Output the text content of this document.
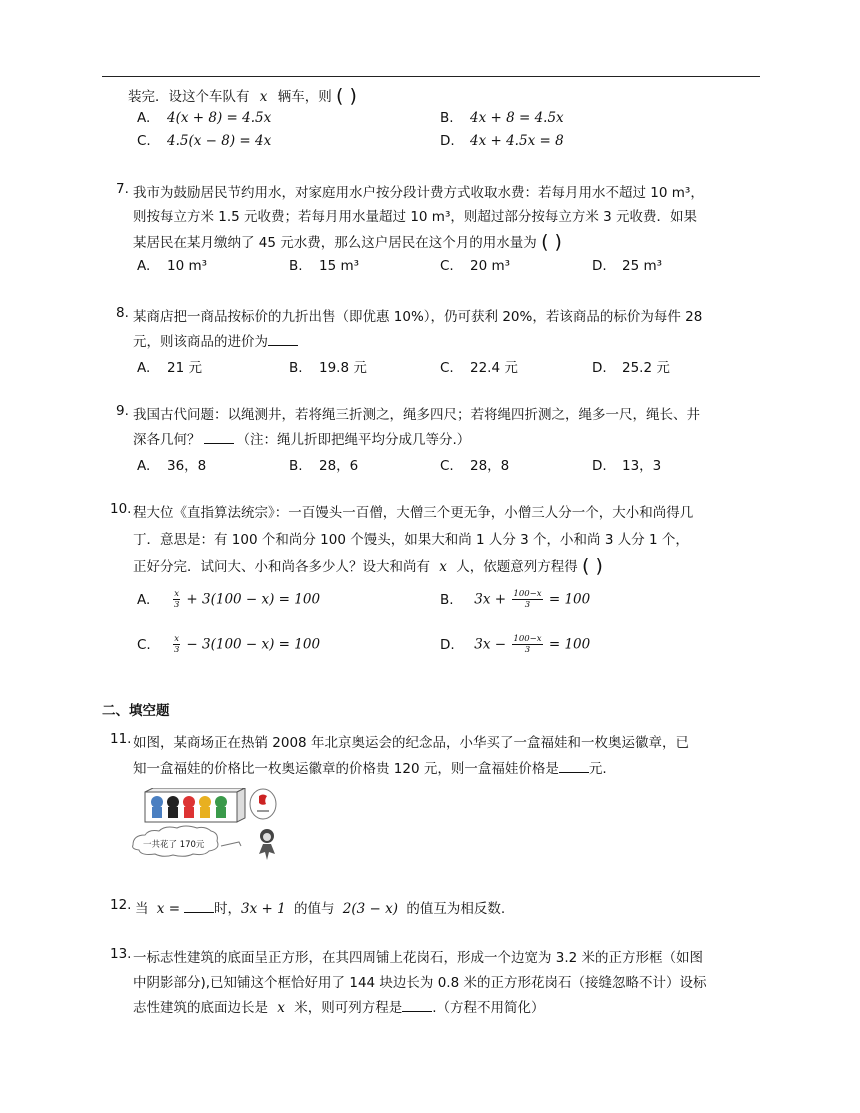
装完．设这个车队有 x 辆车，则 ( )
A. 4(x + 8) = 4.5x	B. 4x + 8 = 4.5x
C. 4.5(x − 8) = 4x	D. 4x + 4.5x = 8
7. 我市为鼓励居民节约用水，对家庭用水户按分段计费方式收取水费：若每月用水不超过 10 m³，
则按每立方米 1.5 元收费；若每月用水量超过 10 m³，则超过部分按每立方米 3 元收费．如果
某居民在某月缴纳了 45 元水费，那么这户居民在这个月的用水量为 ( )
A. 10 m³	B. 15 m³	C. 20 m³	D. 25 m³
8. 某商店把一商品按标价的九折出售（即优惠 10%），仍可获利 20%，若该商品的标价为每件 28
元，则该商品的进价为
A. 21 元	B. 19.8 元	C. 22.4 元	D. 25.2 元
9. 我国古代问题：以绳测井，若将绳三折测之，绳多四尺；若将绳四折测之，绳多一尺，绳长、井
深各几何？	（注：绳儿折即把绳平均分成几等分.）
A. 36，8	B. 28，6	C. 28，8	D. 13，3
10. 程大位《直指算法统宗》：一百馒头一百僧，大僧三个更无争，小僧三人分一个，大小和尚得几
丁．意思是：有 100 个和尚分 100 个馒头，如果大和尚 1 人分 3 个，小和尚 3 人分 1 个，
正好分完．试问大、小和尚各多少人？设大和尚有 x 人，依题意列方程得 ( )
A.	$\frac{x}{3} + 3(100 - x) = 100$	B. $3x + \frac{100-x}{3} = 100$
C.	$\frac{x}{3} - 3(100 - x) = 100$	D. $3x - \frac{100-x}{3} = 100$
二、填空题
11. 如图，某商场正在热销 2008 年北京奥运会的纪念品，小华买了一盒福娃和一枚奥运徽章，已
知一盒福娃的价格比一枚奥运徽章的价格贵 120 元，则一盒福娃价格是 元.
一共花了 170元
12. 当 x =	时，3x + 1 的值与 2(3 − x) 的值互为相反数.
13. 一标志性建筑的底面呈正方形，在其四周铺上花岗石，形成一个边宽为 3.2 米的正方形框（如图
中阴影部分),已知铺这个框恰好用了 144 块边长为 0.8 米的正方形花岗石（接缝忽略不计）设标
志性建筑的底面边长是 x 米，则可列方程是 .（方程不用简化）
